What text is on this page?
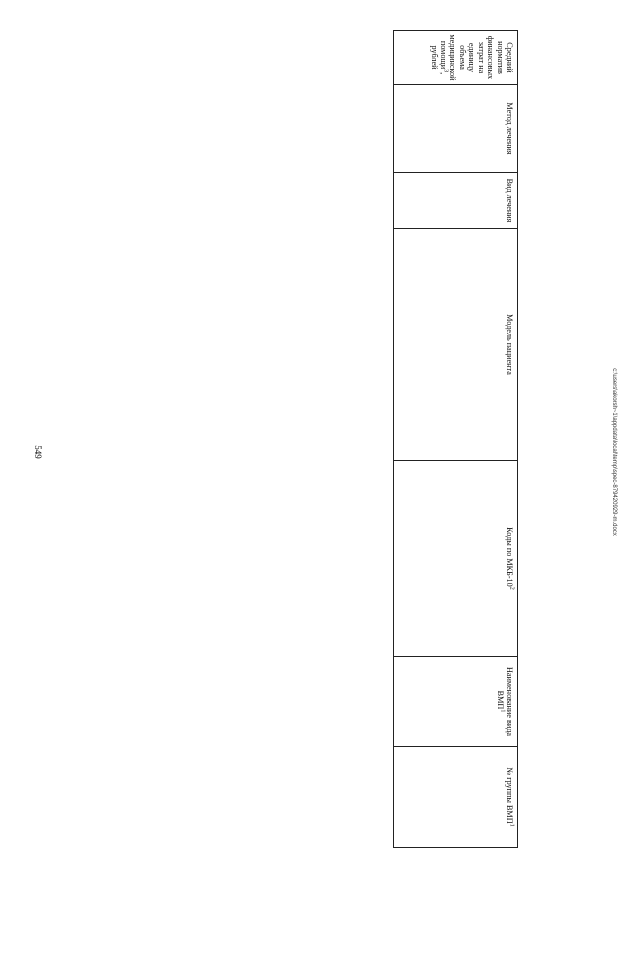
549
Средний норматив финансовых затрат на единицу объема медицинской помощи$^3$, рублей	Метод лечения	Вид лечения	Модель пациента	Коды по МКБ-$10^2$	Наименование вида ВМП$^1$	№ группы ВМП$^1$
c:\users\akorsh~1\appdata\local\temp\spec-879420929-m.docx
